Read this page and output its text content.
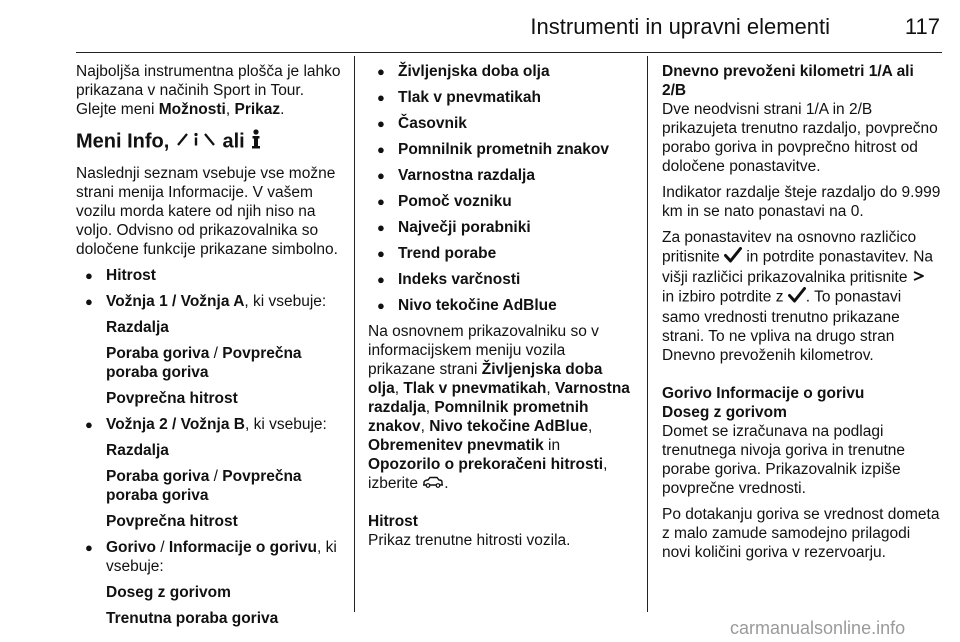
Instrumenti in upravni elementi	117

Najboljša instrumentna plošča je lahko prikazana v načinih Sport in Tour. Glejte meni Možnosti, Prikaz.

Meni Info,  ali

Naslednji seznam vsebuje vse možne strani menija Informacije. V vašem vozilu morda katere od njih niso na voljo. Odvisno od prikazovalnika so določene funkcije prikazane simbolno.

● Hitrost
● Vožnja 1 / Vožnja A, ki vsebuje:

Razdalja

Poraba goriva / Povprečna poraba goriva

Povprečna hitrost

● Vožnja 2 / Vožnja B, ki vsebuje:

Razdalja

Poraba goriva / Povprečna poraba goriva

Povprečna hitrost

● Gorivo / Informacije o gorivu, ki vsebuje:

Doseg z gorivom

Trenutna poraba goriva

● Življenjska doba olja
● Tlak v pnevmatikah
● Časovnik
● Pomnilnik prometnih znakov
● Varnostna razdalja
● Pomoč vozniku
● Največji porabniki
● Trend porabe
● Indeks varčnosti
● Nivo tekočine AdBlue

Na osnovnem prikazovalniku so v informacijskem meniju vozila prikazane strani Življenjska doba olja, Tlak v pnevmatikah, Varnostna razdalja, Pomnilnik prometnih znakov, Nivo tekočine AdBlue, Obremenitev pnevmatik in Opozorilo o prekoračeni hitrosti, izberite .

Hitrost

Prikaz trenutne hitrosti vozila.

Dnevno prevoženi kilometri 1/A ali 2/B

Dve neodvisni strani 1/A in 2/B prikazujeta trenutno razdaljo, povprečno porabo goriva in povprečno hitrost od določene ponastavitve.

Indikator razdalje šteje razdaljo do 9.999 km in se nato ponastavi na 0.

Za ponastavitev na osnovno različico pritisnite  in potrdite ponastavitev. Na višji različici prikazovalnika pritisnite  in izbiro potrdite z . To ponastavi samo vrednosti trenutno prikazane strani. To ne vpliva na drugo stran Dnevno prevoženih kilometrov.

Gorivo Informacije o gorivu

Doseg z gorivom

Domet se izračunava na podlagi trenutnega nivoja goriva in trenutne porabe goriva. Prikazovalnik izpiše povprečne vrednosti.

Po dotakanju goriva se vrednost dometa z malo zamude samodejno prilagodi novi količini goriva v rezervoarju.

carmanualsonline.info
